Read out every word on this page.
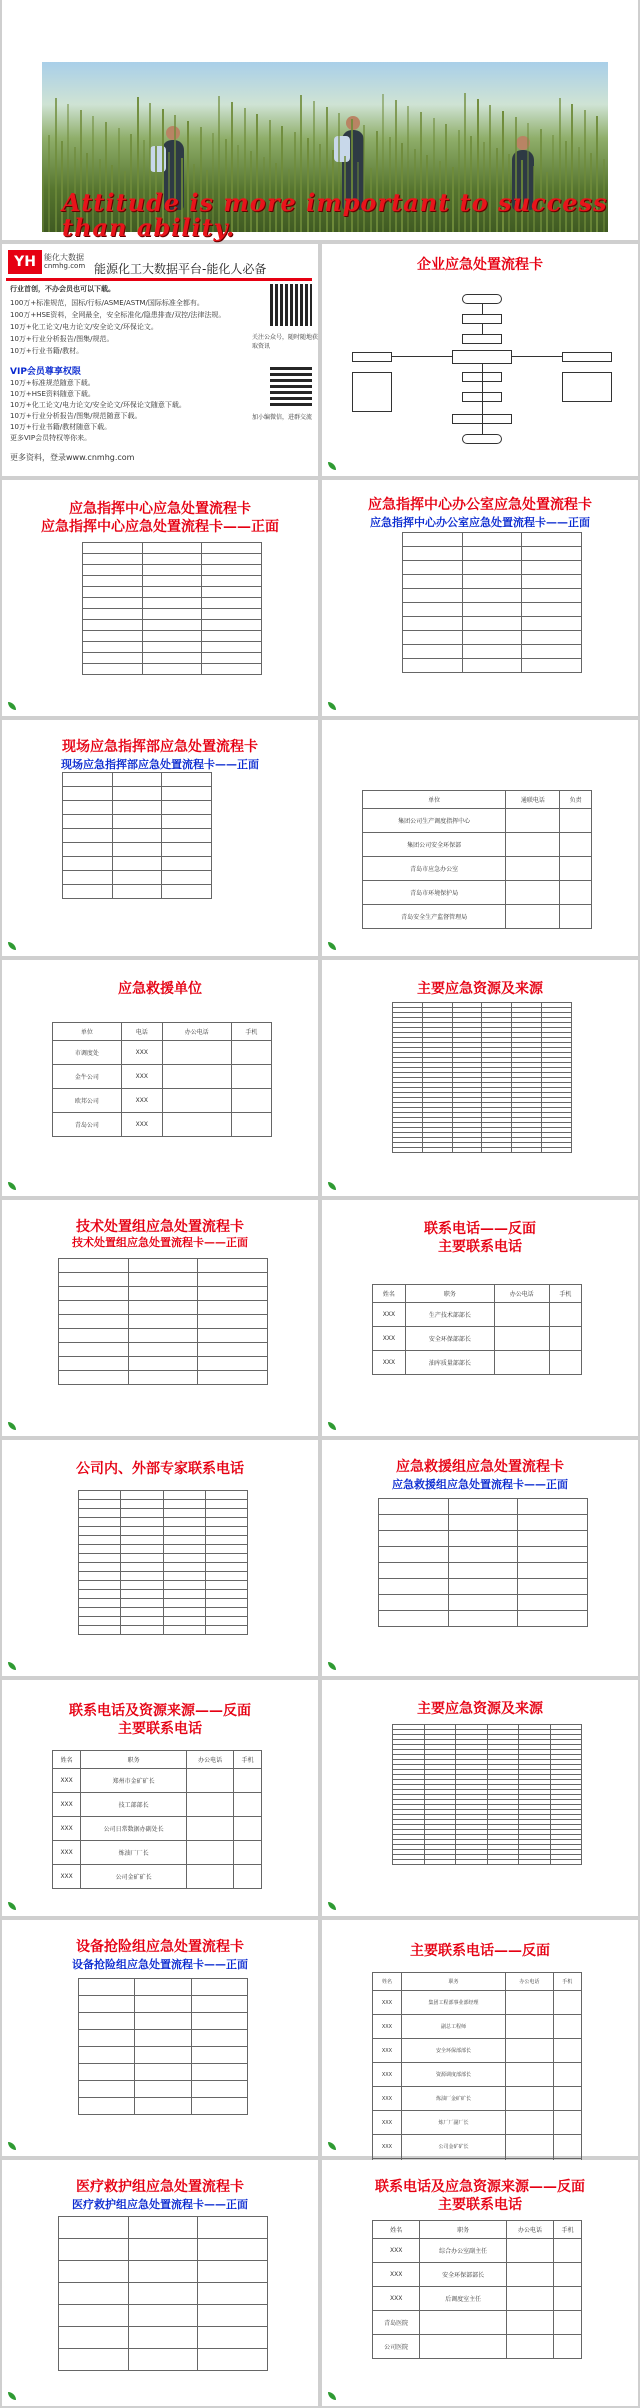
Attitude is more important to success than ability.
YH	能化大数据
cnmhg.com 能源化工大数据平台-能化人必备
行业首创，不办会员也可以下载。
100万+标准规范，国标/行标/ASME/ASTM/国际标准全都有。
100万+HSE资料，全网最全，安全标准化/隐患排查/双控/法律法规。
10万+化工论文/电力论文/安全论文/环保论文。
10万+行业分析报告/图集/规范。
10万+行业书籍/教材。
VIP会员尊享权限
10万+标准规范随意下载。
10万+HSE资料随意下载。
10万+化工论文/电力论文/安全论文/环保论文随意下载。
10万+行业分析报告/图集/规范随意下载。
10万+行业书籍/教材随意下载。
更多VIP会员特权等你来。
更多资料，登录www.cnmhg.com
关注公众号，随时随地获取资讯
加小编微信，进群交流
企业应急处置流程卡
应急指挥中心应急处置流程卡
应急指挥中心应急处置流程卡——正面

应急指挥中心办公室应急处置流程卡
应急指挥中心办公室应急处置流程卡——正面

现场应急指挥部应急处置流程卡
现场应急指挥部应急处置流程卡——正面

单位	通联电话	负责
集团公司生产调度指挥中心		
集团公司安全环保部		
青岛市应急办公室		
青岛市环境保护局		
青岛安全生产监督管理局		
应急救援单位
单位	电话	办公电话	手机
市调度处	XXX		
金牛公司	XXX		
欧邦公司	XXX		
青岛公司	XXX		
主要应急资源及来源

技术处置组应急处置流程卡
技术处置组应急处置流程卡——正面

联系电话——反面
主要联系电话
姓名	职务	办公电话	手机
XXX	生产技术部部长		
XXX	安全环保部部长		
XXX	油库质量部部长		
公司内、外部专家联系电话

				应急救援组应急处置流程卡
应急救援组应急处置流程卡——正面

联系电话及资源来源——反面
主要联系电话
姓名	职务	办公电话	手机
XXX	郑州市金矿矿长		
XXX	技工部部长		
XXX	公司日常数据办副处长		
XXX	炼油厂厂长		
XXX	公司金矿矿长		
主要应急资源及来源

设备抢险组应急处置流程卡
设备抢险组应急处置流程卡——正面

主要联系电话——反面
姓名	职务	办公电话	手机
XXX	集团工程部事业部经理		
XXX	副总工程师		
XXX	安全环保部部长		
XXX	资源调度部部长		
XXX	炼油厂金矿矿长		
XXX	炼厂厂副厂长		
XXX	公司金矿矿长		

医疗救护组应急处置流程卡
医疗救护组应急处置流程卡——正面

联系电话及应急资源来源——反面
主要联系电话
姓名	职务	办公电话	手机
XXX	综合办公室副主任		
XXX	安全环保部部长		
XXX	后调度室主任		
青岛医院			
公司医院			
